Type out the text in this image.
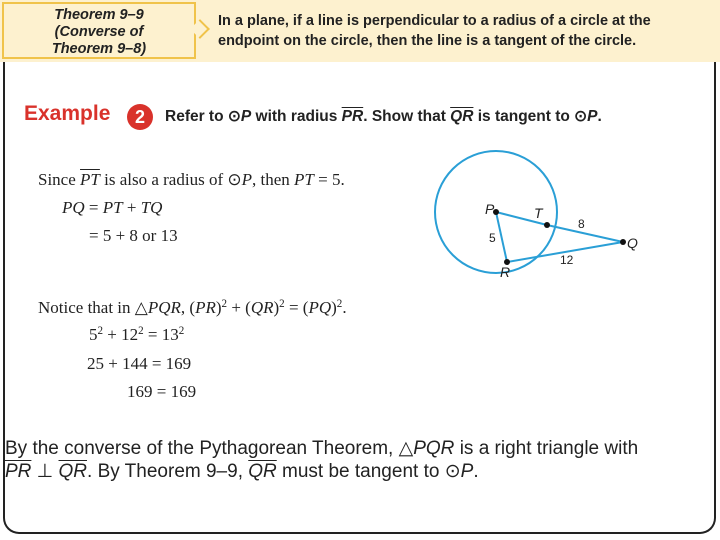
Theorem 9–9
(Converse of
Theorem 9–8)
In a plane, if a line is perpendicular to a radius of a circle at the
endpoint on the circle, then the line is a tangent of the circle.
Example	2	Refer to ⊙P with radius $\overline{PR}$. Show that $\overline{QR}$ is tangent to ⊙P.
Since $\overline{PT}$ is also a radius of ⊙P, then PT = 5.
PQ = PT + TQ
= 5 + 8 or 13
Notice that in △PQR, (PR)$^2$ + (QR)$^2$ = (PQ)$^2$.
$5^2 + 12^2 = 13^2$
25 + 144 = 169
169 = 169
P	T
R
Q
5
8
12
By the converse of the Pythagorean Theorem, △PQR is a right triangle with
$\overline{PR}$ ⊥ $\overline{QR}$. By Theorem 9–9, $\overline{QR}$ must be tangent to ⊙P.
